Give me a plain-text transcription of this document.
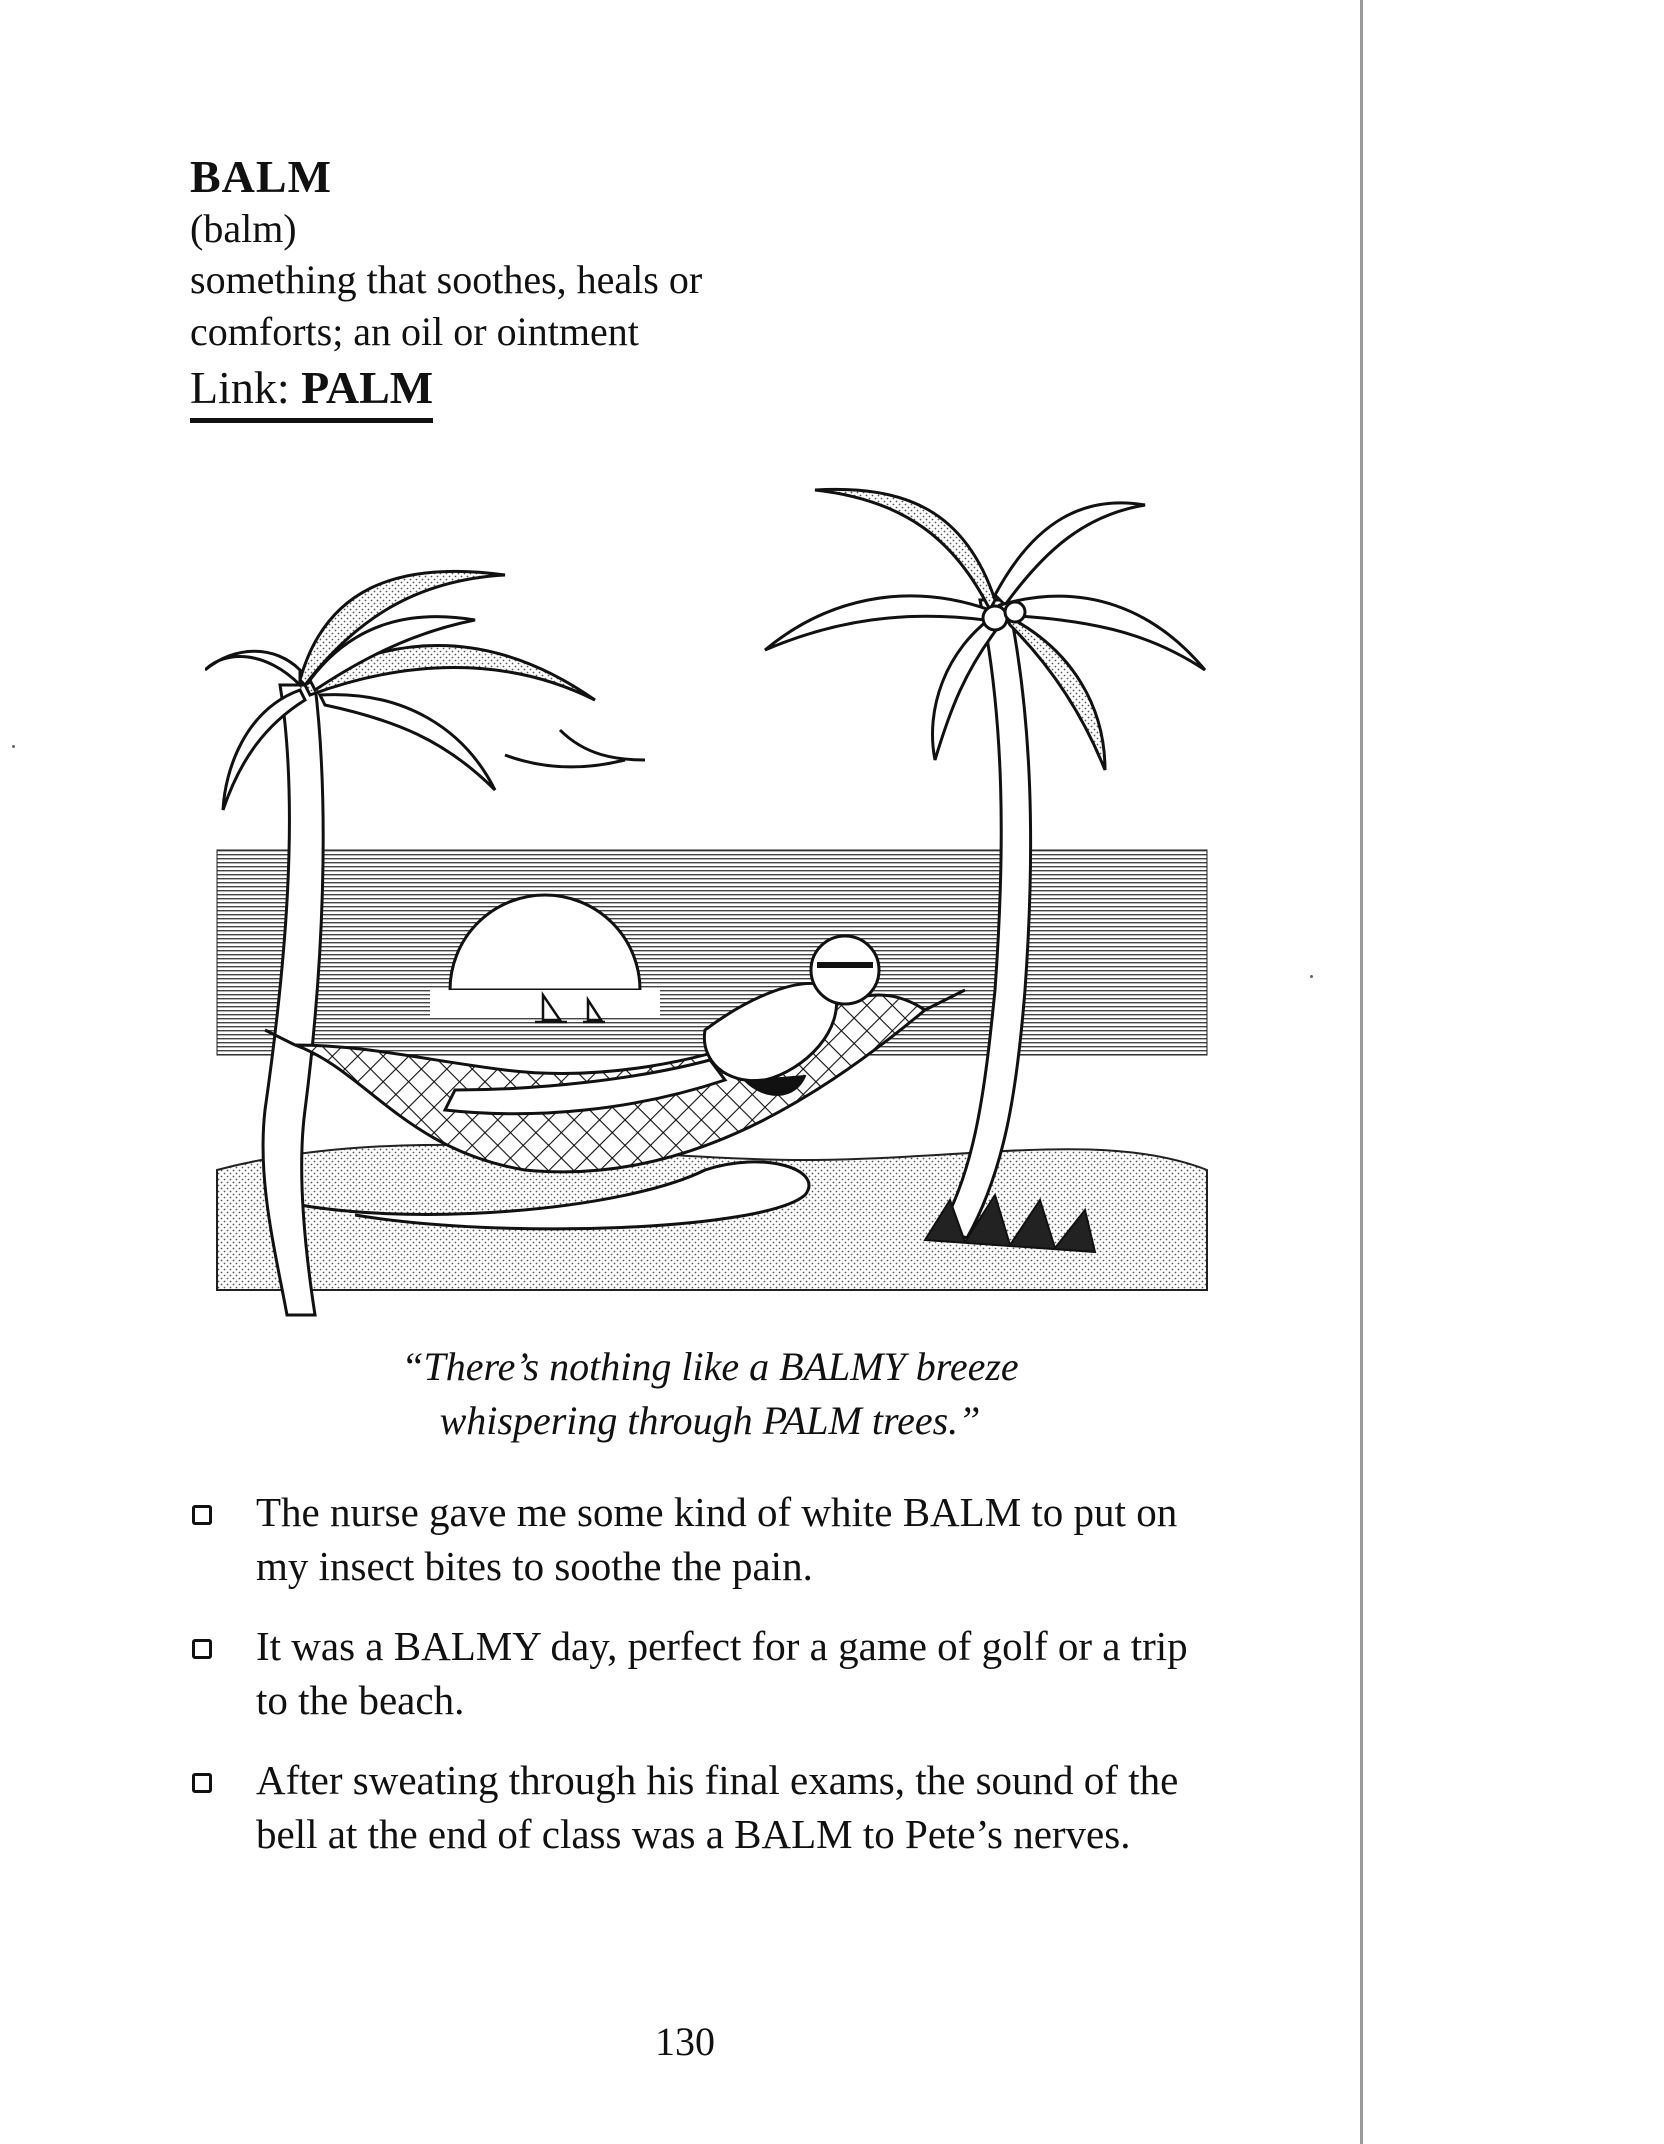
BALM
(balm)
something that soothes, heals or comforts; an oil or ointment
Link: PALM
“There’s nothing like a BALMY breeze
whispering through PALM trees.”
The nurse gave me some kind of white BALM to put on my insect bites to soothe the pain.
It was a BALMY day, perfect for a game of golf or a trip to the beach.
After sweating through his final exams, the sound of the bell at the end of class was a BALM to Pete’s nerves.
130
